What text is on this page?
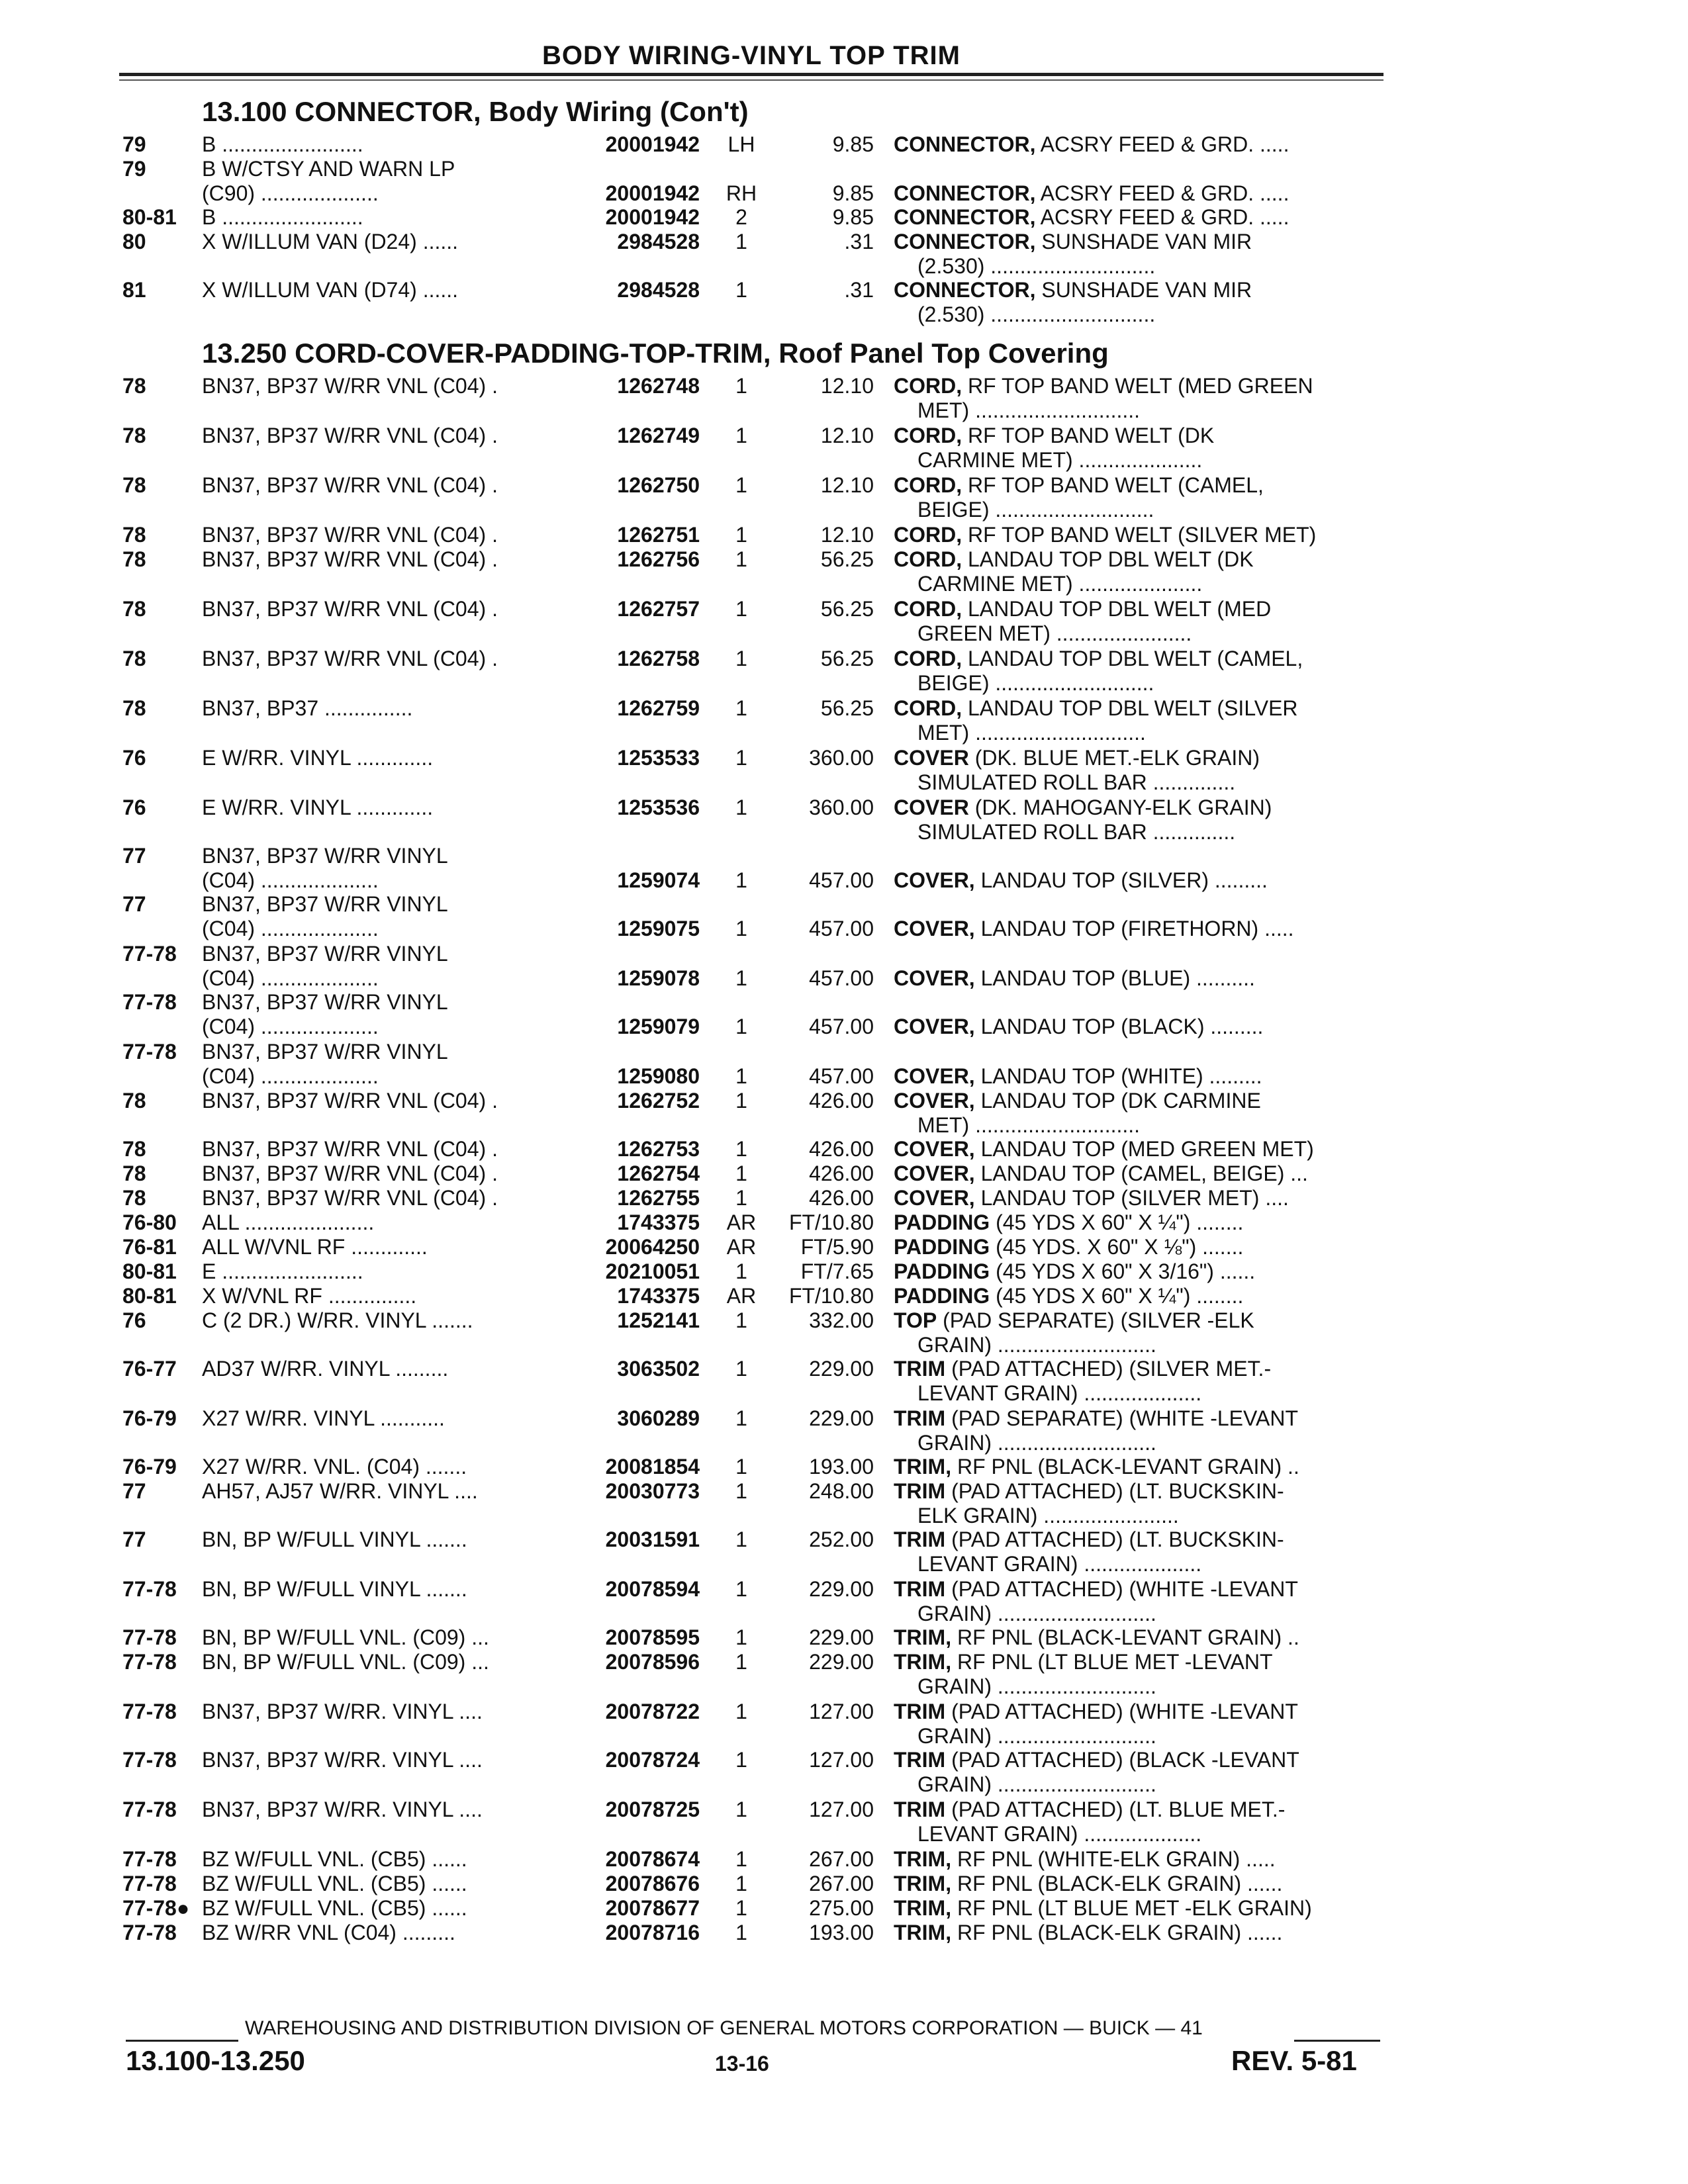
BODY WIRING-VINYL TOP TRIM
13.100 CONNECTOR, Body Wiring (Con't)
13.250 CORD-COVER-PADDING-TOP-TRIM, Roof Panel Top Covering
79	B ........................	20001942	LH	9.85 CONNECTOR, ACSRY FEED & GRD. .....
79	B W/CTSY AND WARN LP
(C90) ....................	20001942	RH	9.85 CONNECTOR, ACSRY FEED & GRD. .....
80-81 B ........................	20001942	2	9.85 CONNECTOR, ACSRY FEED & GRD. .....
80	X W/ILLUM VAN (D24) ......	2984528	1	.31 CONNECTOR, SUNSHADE VAN MIR
(2.530) ............................
81	X W/ILLUM VAN (D74) ......	2984528	1	.31 CONNECTOR, SUNSHADE VAN MIR
(2.530) ............................
78	BN37, BP37 W/RR VNL (C04) .	1262748	1	12.10 CORD, RF TOP BAND WELT (MED GREEN
MET) ............................
78	BN37, BP37 W/RR VNL (C04) .	1262749	1	12.10 CORD, RF TOP BAND WELT (DK
CARMINE MET) .....................
78	BN37, BP37 W/RR VNL (C04) .	1262750	1	12.10 CORD, RF TOP BAND WELT (CAMEL,
BEIGE) ...........................
78	BN37, BP37 W/RR VNL (C04) .	1262751	1	12.10 CORD, RF TOP BAND WELT (SILVER MET)
78	BN37, BP37 W/RR VNL (C04) .	1262756	1	56.25 CORD, LANDAU TOP DBL WELT (DK
CARMINE MET) .....................
78	BN37, BP37 W/RR VNL (C04) .	1262757	1	56.25 CORD, LANDAU TOP DBL WELT (MED
GREEN MET) .......................
78	BN37, BP37 W/RR VNL (C04) .	1262758	1	56.25 CORD, LANDAU TOP DBL WELT (CAMEL,
BEIGE) ...........................
78	BN37, BP37 ...............	1262759	1	56.25 CORD, LANDAU TOP DBL WELT (SILVER
MET) .............................
76	E W/RR. VINYL .............	1253533	1	360.00 COVER (DK. BLUE MET.-ELK GRAIN)
SIMULATED ROLL BAR ..............
76	E W/RR. VINYL .............	1253536	1	360.00 COVER (DK. MAHOGANY-ELK GRAIN)
SIMULATED ROLL BAR ..............
77	BN37, BP37 W/RR VINYL
(C04) ....................	1259074	1	457.00 COVER, LANDAU TOP (SILVER) .........
77	BN37, BP37 W/RR VINYL
(C04) ....................	1259075	1	457.00 COVER, LANDAU TOP (FIRETHORN) .....
77-78 BN37, BP37 W/RR VINYL
(C04) ....................	1259078	1	457.00 COVER, LANDAU TOP (BLUE) ..........
77-78 BN37, BP37 W/RR VINYL
(C04) ....................	1259079	1	457.00 COVER, LANDAU TOP (BLACK) .........
77-78 BN37, BP37 W/RR VINYL
(C04) ....................	1259080	1	457.00 COVER, LANDAU TOP (WHITE) .........
78	BN37, BP37 W/RR VNL (C04) .	1262752	1	426.00 COVER, LANDAU TOP (DK CARMINE
MET) ............................
78	BN37, BP37 W/RR VNL (C04) .	1262753	1	426.00 COVER, LANDAU TOP (MED GREEN MET)
78	BN37, BP37 W/RR VNL (C04) .	1262754	1	426.00 COVER, LANDAU TOP (CAMEL, BEIGE) ...
78	BN37, BP37 W/RR VNL (C04) .	1262755	1	426.00 COVER, LANDAU TOP (SILVER MET) ....
76-80 ALL ......................	1743375	AR	FT/10.80 PADDING (45 YDS X 60" X ¼") ........
76-81 ALL W/VNL RF .............	20064250	AR	FT/5.90 PADDING (45 YDS. X 60" X ⅛") .......
80-81 E ........................	20210051	1	FT/7.65 PADDING (45 YDS X 60" X 3/16") ......
80-81 X W/VNL RF ...............	1743375	AR	FT/10.80 PADDING (45 YDS X 60" X ¼") ........
76	C (2 DR.) W/RR. VINYL .......	1252141	1	332.00 TOP (PAD SEPARATE) (SILVER -ELK
GRAIN) ...........................
76-77 AD37 W/RR. VINYL .........	3063502	1	229.00 TRIM (PAD ATTACHED) (SILVER MET.-
LEVANT GRAIN) ....................
76-79 X27 W/RR. VINYL ...........	3060289	1	229.00 TRIM (PAD SEPARATE) (WHITE -LEVANT
GRAIN) ...........................
76-79 X27 W/RR. VNL. (C04) .......	20081854	1	193.00 TRIM, RF PNL (BLACK-LEVANT GRAIN) ..
77	AH57, AJ57 W/RR. VINYL ....	20030773	1	248.00 TRIM (PAD ATTACHED) (LT. BUCKSKIN-
ELK GRAIN) .......................
77	BN, BP W/FULL VINYL .......	20031591	1	252.00 TRIM (PAD ATTACHED) (LT. BUCKSKIN-
LEVANT GRAIN) ....................
77-78 BN, BP W/FULL VINYL .......	20078594	1	229.00 TRIM (PAD ATTACHED) (WHITE -LEVANT
GRAIN) ...........................
77-78 BN, BP W/FULL VNL. (C09) ...	20078595	1	229.00 TRIM, RF PNL (BLACK-LEVANT GRAIN) ..
77-78 BN, BP W/FULL VNL. (C09) ...	20078596	1	229.00 TRIM, RF PNL (LT BLUE MET -LEVANT
GRAIN) ...........................
77-78 BN37, BP37 W/RR. VINYL ....	20078722	1	127.00 TRIM (PAD ATTACHED) (WHITE -LEVANT
GRAIN) ...........................
77-78 BN37, BP37 W/RR. VINYL ....	20078724	1	127.00 TRIM (PAD ATTACHED) (BLACK -LEVANT
GRAIN) ...........................
77-78 BN37, BP37 W/RR. VINYL ....	20078725	1	127.00 TRIM (PAD ATTACHED) (LT. BLUE MET.-
LEVANT GRAIN) ....................
77-78 BZ W/FULL VNL. (CB5) ......	20078674	1	267.00 TRIM, RF PNL (WHITE-ELK GRAIN) .....
77-78 BZ W/FULL VNL. (CB5) ......	20078676	1	267.00 TRIM, RF PNL (BLACK-ELK GRAIN) ......
77-78● BZ W/FULL VNL. (CB5) ......	20078677	1	275.00 TRIM, RF PNL (LT BLUE MET -ELK GRAIN)
77-78 BZ W/RR VNL (C04) .........	20078716	1	193.00 TRIM, RF PNL (BLACK-ELK GRAIN) ......
WAREHOUSING AND DISTRIBUTION DIVISION OF GENERAL MOTORS CORPORATION — BUICK — 41
13.100-13.250	13-16	REV. 5-81
